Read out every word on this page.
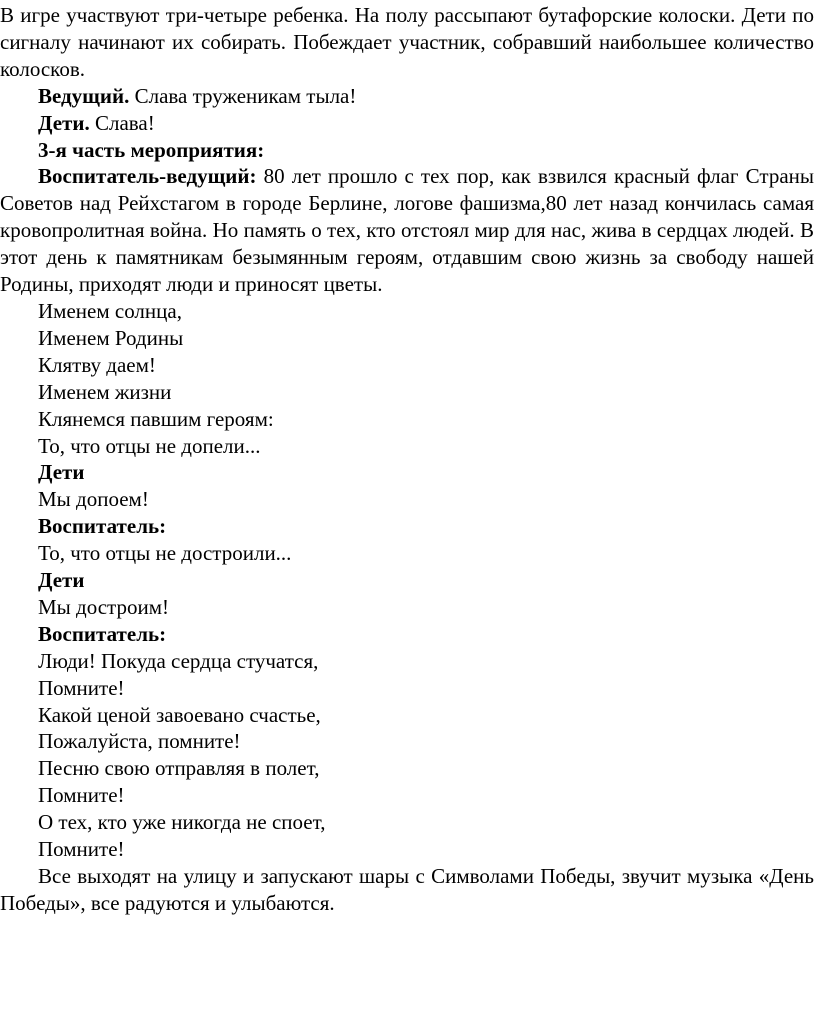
В игре участвуют три-четыре ребенка. На полу рассыпают бутафорские колоски. Дети по сигналу начинают их собирать. Побеждает участник, собравший наибольшее количество колосков.

Ведущий. Слава труженикам тыла!

Дети. Слава!

3-я часть мероприятия:

Воспитатель-ведущий: 80 лет прошло с тех пор, как взвился красный флаг Страны Советов над Рейхстагом в городе Берлине, логове фашизма,80 лет назад кончилась самая кровопролитная война. Но память о тех, кто отстоял мир для нас, жива в сердцах людей. В этот день к памятникам безымянным героям, отдавшим свою жизнь за свободу нашей Родины, приходят люди и приносят цветы.

Именем солнца,

Именем Родины

Клятву даем!

Именем жизни

Клянемся павшим героям:

То, что отцы не допели...

Дети

Мы допоем!

Воспитатель:

То, что отцы не достроили...

Дети

Мы достроим!

Воспитатель:

Люди! Покуда сердца стучатся,

Помните!

Какой ценой завоевано счастье,

Пожалуйста, помните!

Песню свою отправляя в полет,

Помните!

О тех, кто уже никогда не споет,

Помните!

Все выходят на улицу и запускают шары с Символами Победы, звучит музыка «День Победы», все радуются и улыбаются.
